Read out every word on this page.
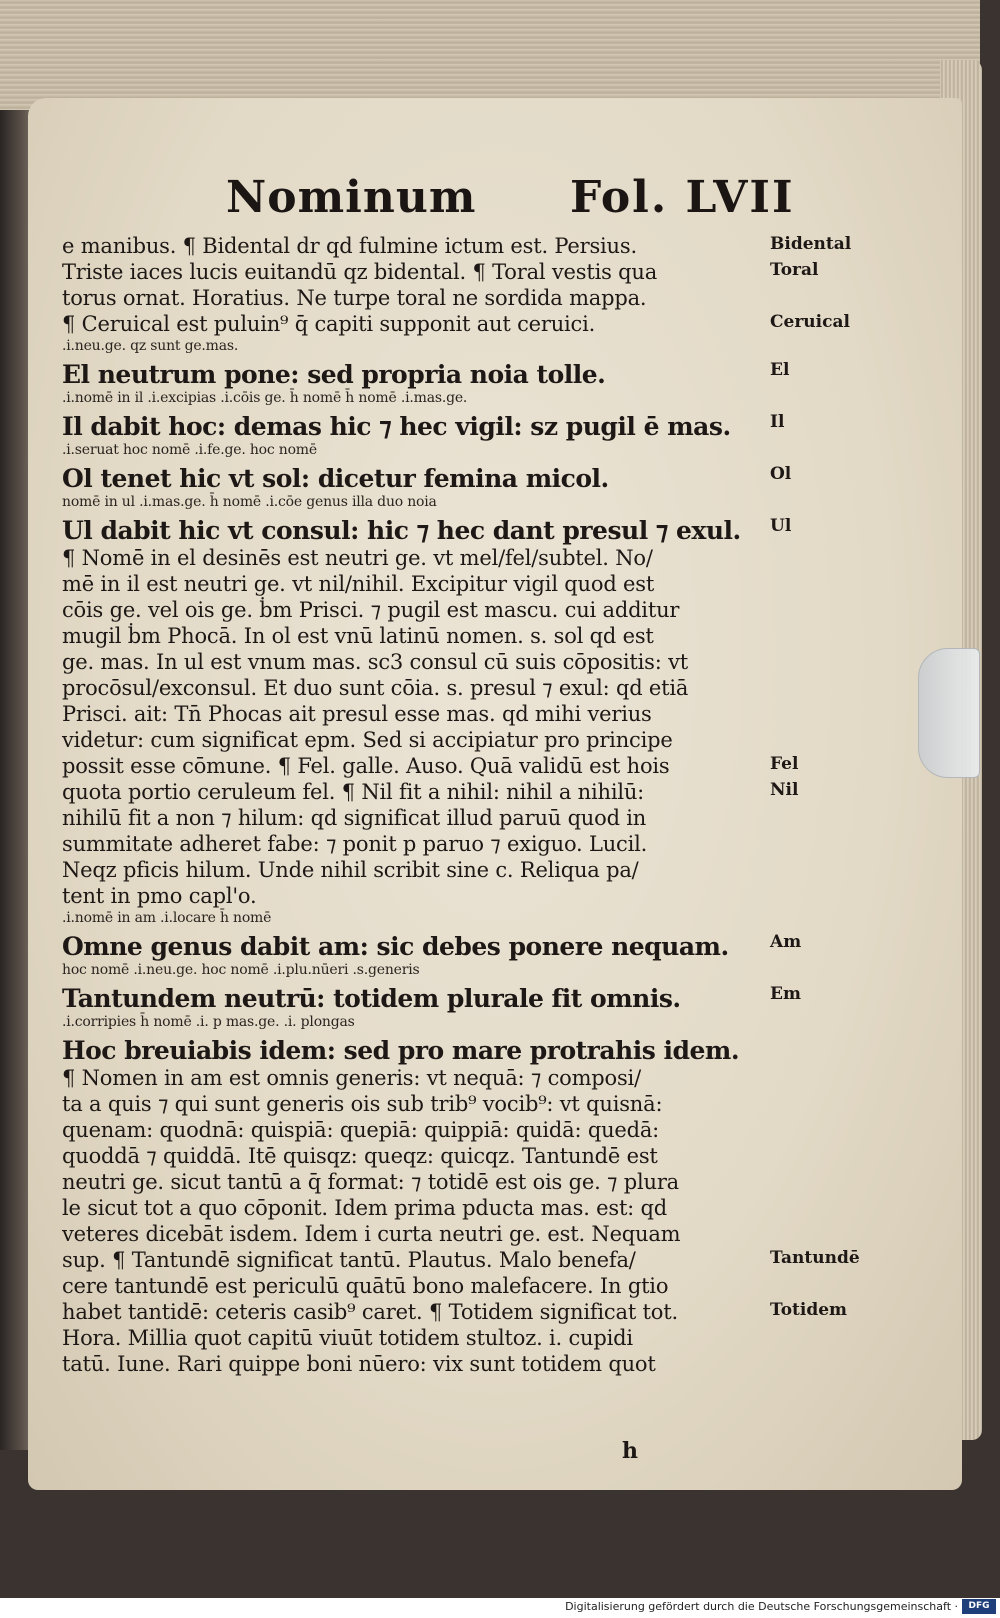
Nominum Fol. LVII
e manibus. ¶ Bidental dr qd fulmine ictum est. Persius.
Triste iaces lucis euitandū qz bidental. ¶ Toral vestis qua
torus ornat. Horatius. Ne turpe toral ne sordida mappa.
¶ Ceruical est puluin⁹ q̄ capiti supponit aut ceruici.
.i.neu.ge. qz sunt ge.mas.
El neutrum pone: sed propria noia tolle.
.i.nomē in il .i.excipias .i.cōis ge. h̄ nomē h̄ nomē .i.mas.ge.
Il dabit hoc: demas hic ⁊ hec vigil: sz pugil ē mas.
.i.seruat hoc nomē .i.fe.ge. hoc nomē
Ol tenet hic vt sol: dicetur femina micol.
nomē in ul .i.mas.ge. h̄ nomē .i.cōe genus illa duo noia
Ul dabit hic vt consul: hic ⁊ hec dant presul ⁊ exul.
¶ Nomē in el desinēs est neutri ge. vt mel/fel/subtel. No/
mē in il est neutri ge. vt nil/nihil. Excipitur vigil quod est
cōis ge. vel ois ge. ḃm Prisci. ⁊ pugil est mascu. cui additur
mugil ḃm Phocā. In ol est vnū latinū nomen. s. sol qd est
ge. mas. In ul est vnum mas. sc3 consul cū suis cōpositis: vt
procōsul/exconsul. Et duo sunt cōia. s. presul ⁊ exul: qd etiā
Prisci. ait: Tn̄ Phocas ait presul esse mas. qd mihi verius
videtur: cum significat epm. Sed si accipiatur pro principe
possit esse cōmune. ¶ Fel. galle. Auso. Quā validū est hois
quota portio ceruleum fel. ¶ Nil fit a nihil: nihil a nihilū:
nihilū fit a non ⁊ hilum: qd significat illud paruū quod in
summitate adheret fabe: ⁊ ponit p paruo ⁊ exiguo. Lucil.
Neqz pficis hilum. Unde nihil scribit sine c. Reliqua pa/
tent in pmo capl'o.
.i.nomē in am .i.locare h̄ nomē
Omne genus dabit am: sic debes ponere nequam.
hoc nomē .i.neu.ge. hoc nomē .i.plu.nūeri .s.generis
Tantundem neutrū: totidem plurale fit omnis.
.i.corripies h̄ nomē .i. p mas.ge. .i. plongas
Hoc breuiabis idem: sed pro mare protrahis idem.
¶ Nomen in am est omnis generis: vt nequā: ⁊ composi/
ta a quis ⁊ qui sunt generis ois sub trib⁹ vocib⁹: vt quisnā:
quenam: quodnā: quispiā: quepiā: quippiā: quidā: quedā:
quoddā ⁊ quiddā. Itē quisqz: queqz: quicqz. Tantundē est
neutri ge. sicut tantū a q̄ format: ⁊ totidē est ois ge. ⁊ plura
le sicut tot a quo cōponit. Idem prima pducta mas. est: qd
veteres dicebāt isdem. Idem i curta neutri ge. est. Nequam
sup. ¶ Tantundē significat tantū. Plautus. Malo benefa/
cere tantundē est periculū quātū bono malefacere. In gtio
habet tantidē: ceteris casib⁹ caret. ¶ Totidem significat tot.
Hora. Millia quot capitū viuūt totidem stultoz. i. cupidi
tatū. Iune. Rari quippe boni nūero: vix sunt totidem quot
Bidental
Toral
Ceruical
El
Il
Ol
Ul
Fel
Nil
Am
Em
Tantundē
Totidem
h
Digitalisierung gefördert durch die Deutsche Forschungsgemeinschaft ·	DFG
